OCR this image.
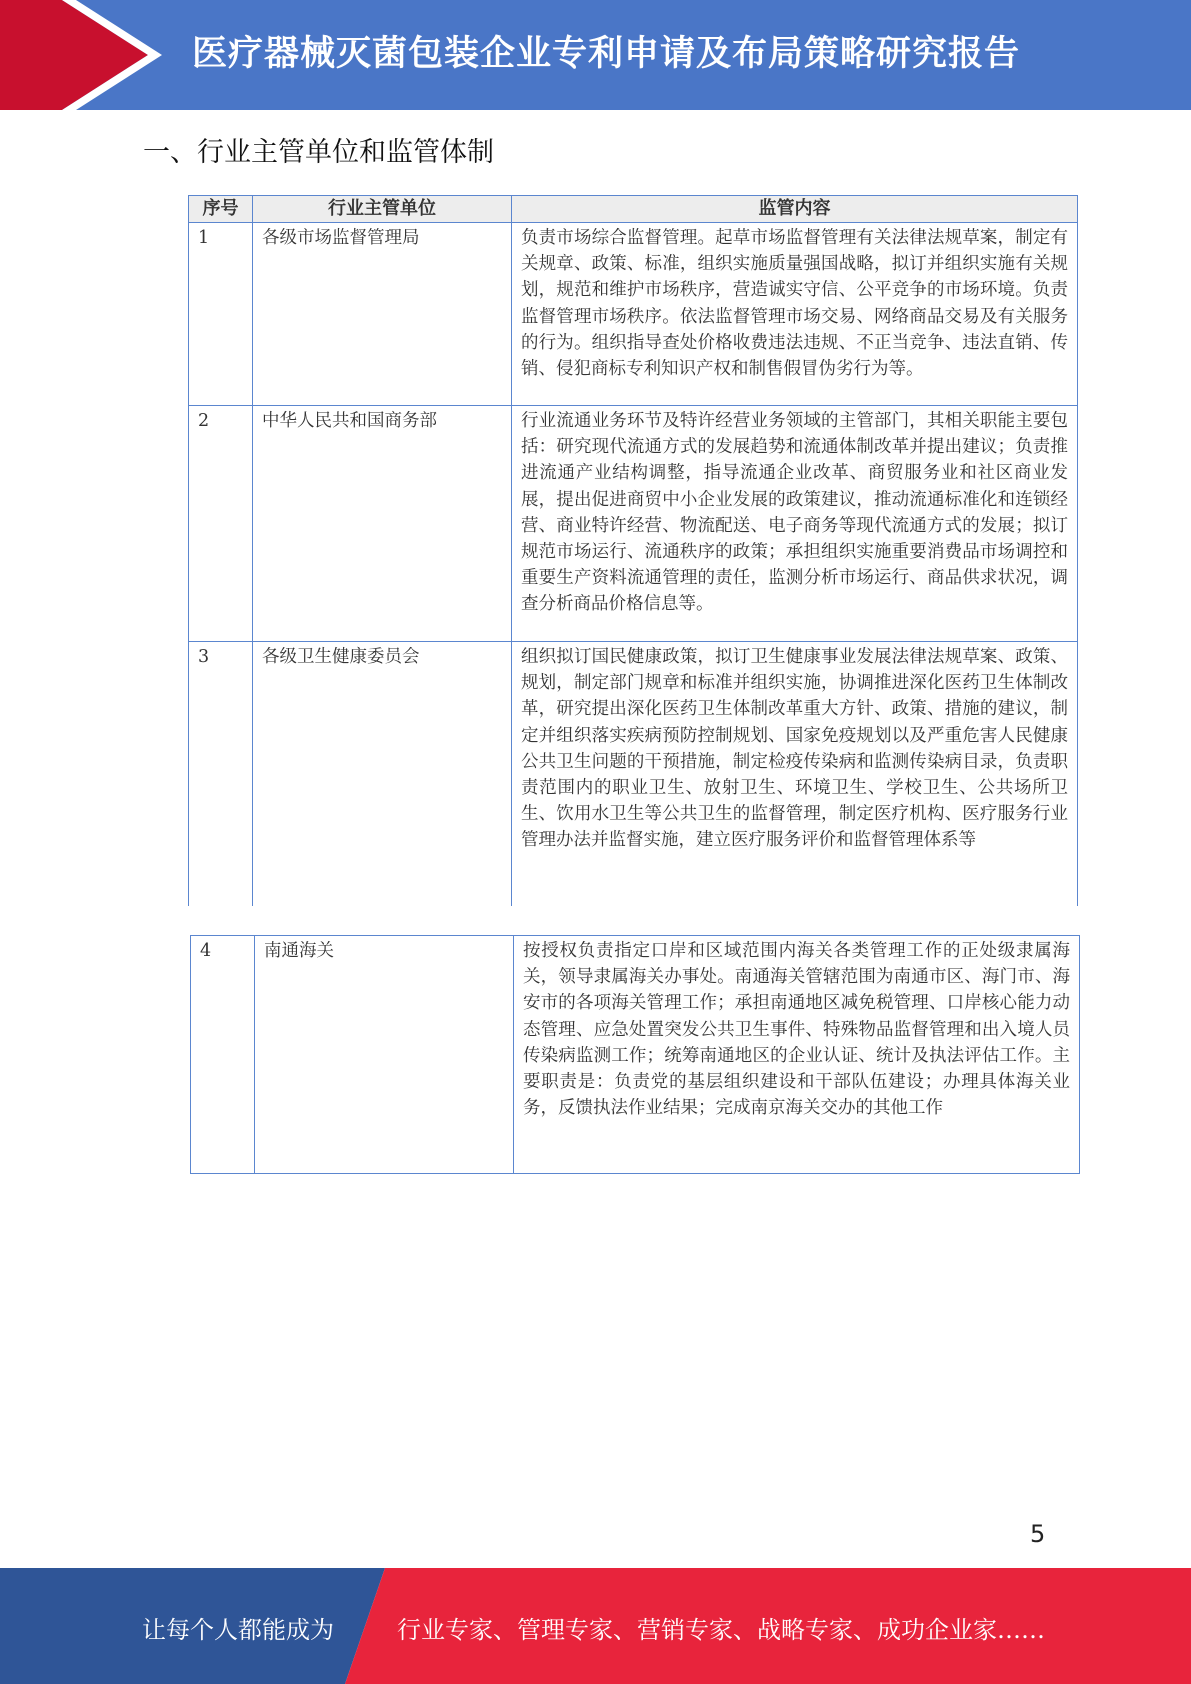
医疗器械灭菌包装企业专利申请及布局策略研究报告
一、行业主管单位和监管体制
序号	行业主管单位	监管内容
1	各级市场监督管理局	负责市场综合监督管理。起草市场监督管理有关法律法规草案，制定有关规章、政策、标准，组织实施质量强国战略，拟订并组织实施有关规划，规范和维护市场秩序，营造诚实守信、公平竞争的市场环境。负责监督管理市场秩序。依法监督管理市场交易、网络商品交易及有关服务的行为。组织指导查处价格收费违法违规、不正当竞争、违法直销、传销、侵犯商标专利知识产权和制售假冒伪劣行为等。
2	中华人民共和国商务部	行业流通业务环节及特许经营业务领域的主管部门，其相关职能主要包括：研究现代流通方式的发展趋势和流通体制改革并提出建议；负责推进流通产业结构调整，指导流通企业改革、商贸服务业和社区商业发展，提出促进商贸中小企业发展的政策建议，推动流通标准化和连锁经营、商业特许经营、物流配送、电子商务等现代流通方式的发展；拟订规范市场运行、流通秩序的政策；承担组织实施重要消费品市场调控和重要生产资料流通管理的责任，监测分析市场运行、商品供求状况，调查分析商品价格信息等。
3	各级卫生健康委员会	组织拟订国民健康政策，拟订卫生健康事业发展法律法规草案、政策、规划，制定部门规章和标准并组织实施，协调推进深化医药卫生体制改革，研究提出深化医药卫生体制改革重大方针、政策、措施的建议，制定并组织落实疾病预防控制规划、国家免疫规划以及严重危害人民健康公共卫生问题的干预措施，制定检疫传染病和监测传染病目录，负责职责范围内的职业卫生、放射卫生、环境卫生、学校卫生、公共场所卫生、饮用水卫生等公共卫生的监督管理，制定医疗机构、医疗服务行业管理办法并监督实施，建立医疗服务评价和监督管理体系等
4	南通海关	按授权负责指定口岸和区域范围内海关各类管理工作的正处级隶属海关，领导隶属海关办事处。南通海关管辖范围为南通市区、海门市、海安市的各项海关管理工作；承担南通地区减免税管理、口岸核心能力动态管理、应急处置突发公共卫生事件、特殊物品监督管理和出入境人员传染病监测工作；统筹南通地区的企业认证、统计及执法评估工作。主要职责是：负责党的基层组织建设和干部队伍建设；办理具体海关业务，反馈执法作业结果；完成南京海关交办的其他工作
5
让每个人都能成为	行业专家、管理专家、营销专家、战略专家、成功企业家……
